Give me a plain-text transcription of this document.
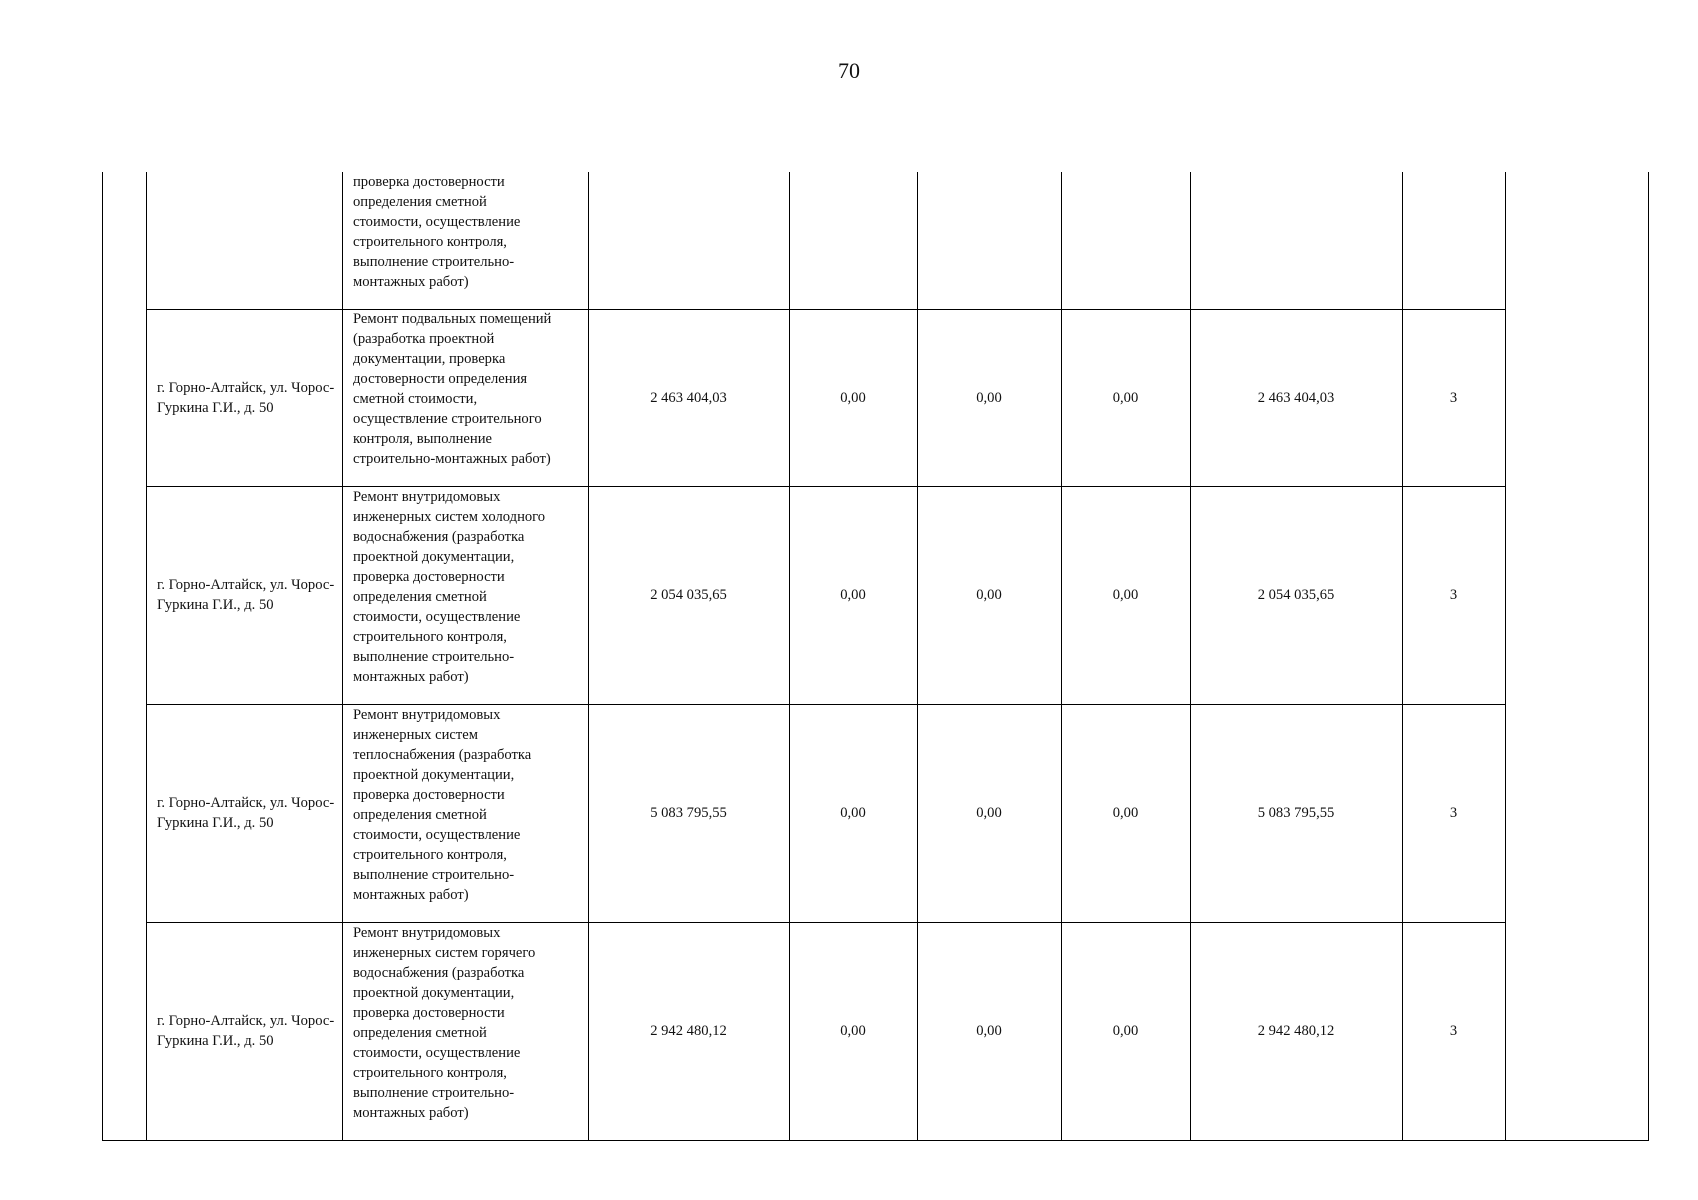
70
проверка достоверности
определения сметной
стоимости, осуществление
строительного контроля,
выполнение строительно-
монтажных работ)
г. Горно-Алтайск, ул. Чорос-Гуркина Г.И., д. 50
Ремонт подвальных помещений
(разработка проектной
документации, проверка
достоверности определения
сметной стоимости,
осуществление строительного
контроля, выполнение
строительно-монтажных работ)
2 463 404,03	0,00	0,00	0,00	2 463 404,03	3
г. Горно-Алтайск, ул. Чорос-Гуркина Г.И., д. 50
Ремонт внутридомовых
инженерных систем холодного
водоснабжения (разработка
проектной документации,
проверка достоверности
определения сметной
стоимости, осуществление
строительного контроля,
выполнение строительно-
монтажных работ)
2 054 035,65	0,00	0,00	0,00	2 054 035,65	3
г. Горно-Алтайск, ул. Чорос-Гуркина Г.И., д. 50
Ремонт внутридомовых
инженерных систем
теплоснабжения (разработка
проектной документации,
проверка достоверности
определения сметной
стоимости, осуществление
строительного контроля,
выполнение строительно-
монтажных работ)
5 083 795,55	0,00	0,00	0,00	5 083 795,55	3
г. Горно-Алтайск, ул. Чорос-Гуркина Г.И., д. 50
Ремонт внутридомовых
инженерных систем горячего
водоснабжения (разработка
проектной документации,
проверка достоверности
определения сметной
стоимости, осуществление
строительного контроля,
выполнение строительно-
монтажных работ)
2 942 480,12	0,00	0,00	0,00	2 942 480,12	3
